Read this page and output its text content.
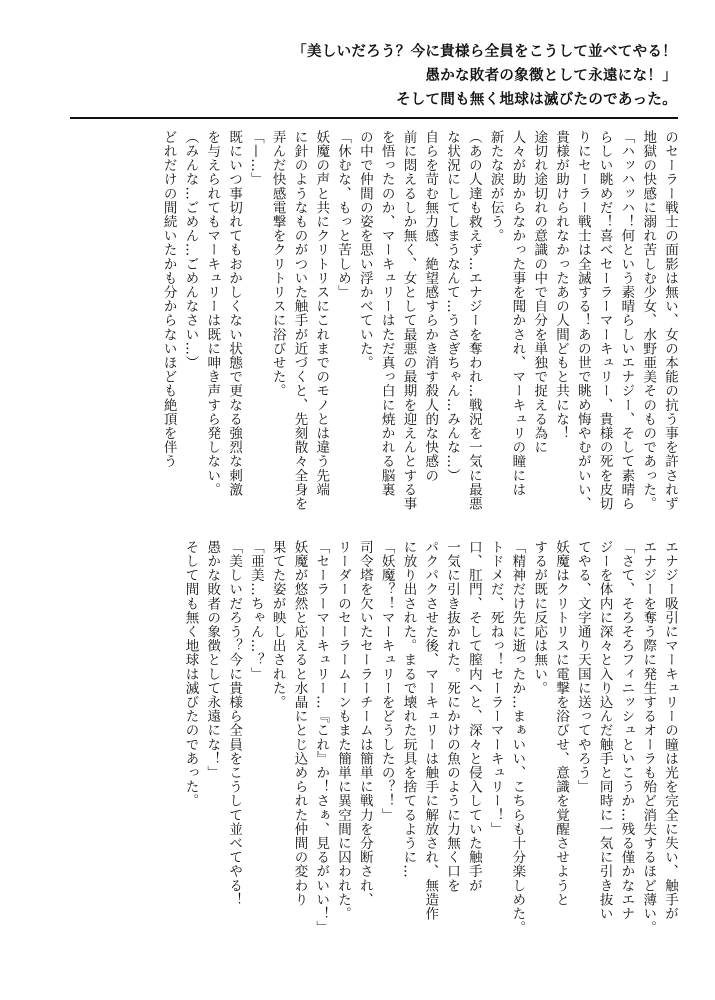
「美しいだろう？今に貴様ら全員をこうして並べてやる！

愚かな敗者の象徴として永遠にな！」

そして間も無く地球は滅びたのであった。

のセーラー戦士の面影は無い、女の本能の抗う事を許されず

地獄の快感に溺れ苦しむ少女、水野亜美そのものであった。

「ハッハッハ！何という素晴らしいエナジー、そして素晴ら

らしい眺めだ！喜べセーラーマーキュリー、貴様の死を皮切

りにセーラー戦士は全滅する！あの世で眺め悔やむがいい、

貴様が助けられなかったあの人間どもと共にな！

途切れ途切れの意識の中で自分を単独で捉える為に

人々が助からなかった事を聞かされ、マーキュリの瞳には

新たな涙が伝う。

（あの人達も救えず…エナジーを奪われ…戦況を一気に最悪

な状況にしてしまうなんて…うさぎちゃん…みんな…）

自らを苛む無力感、絶望感すらかき消す殺人的な快感の

前に悶えるしか無く、女として最悪の最期を迎えんとする事

を悟ったのか、マーキュリーはただ真っ白に焼かれる脳裏

の中で仲間の姿を思い浮かべていた。

「休むな、もっと苦しめ」

妖魔の声と共にクリトリスにこれまでのモノとは違う先端

に針のようなものがついた触手が近づくと、先刻散々全身を

弄んだ快感電撃をクリトリスに浴びせた。

「—…」

既にいつ事切れてもおかしくない状態で更なる強烈な刺激

を与えられてもマーキュリーは既に呻き声すら発しない。

（みんな…ごめん…ごめんなさい…）

どれだけの間続いたかも分からないほども絶頂を伴う

エナジー吸引にマーキュリーの瞳は光を完全に失い、触手が

エナジーを奪う際に発生するオーラも殆ど消失するほど薄い。

「さて、そろそろフィニッシュといこうか…残る僅かなエナ

ジーを体内に深々と入り込んだ触手と同時に一気に引き抜い

てやる、文字通り天国に送ってやろう」

妖魔はクリトリスに電撃を浴びせ、意識を覚醒させようと

するが既に反応は無い。

「精神だけ先に逝ったか…まぁいい、こちらも十分楽しめた。

トドメだ、死ねっ！セーラーマーキュリー！」

口、肛門、そして膣内へと、深々と侵入していた触手が

一気に引き抜かれた。死にかけの魚のように力無く口を

パクパクさせた後、マーキュリーは触手に解放され、無造作

に放り出された。まるで壊れた玩具を捨てるように…

「妖魔？！マーキュリーをどうしたの？！」

司令塔を欠いたセーラーチームは簡単に戦力を分断され、

リーダーのセーラームーンもまた簡単に異空間に囚われた。

「セーラーマーキュリー…『これ』か！さぁ、見るがいい！」

妖魔が悠然と応えると水晶にとじ込められた仲間の変わり

果てた姿が映し出された。

「亜美…ちゃん…？」

「美しいだろう？今に貴様ら全員をこうして並べてやる！

愚かな敗者の象徴として永遠にな！」

そして間も無く地球は滅びたのであった。
